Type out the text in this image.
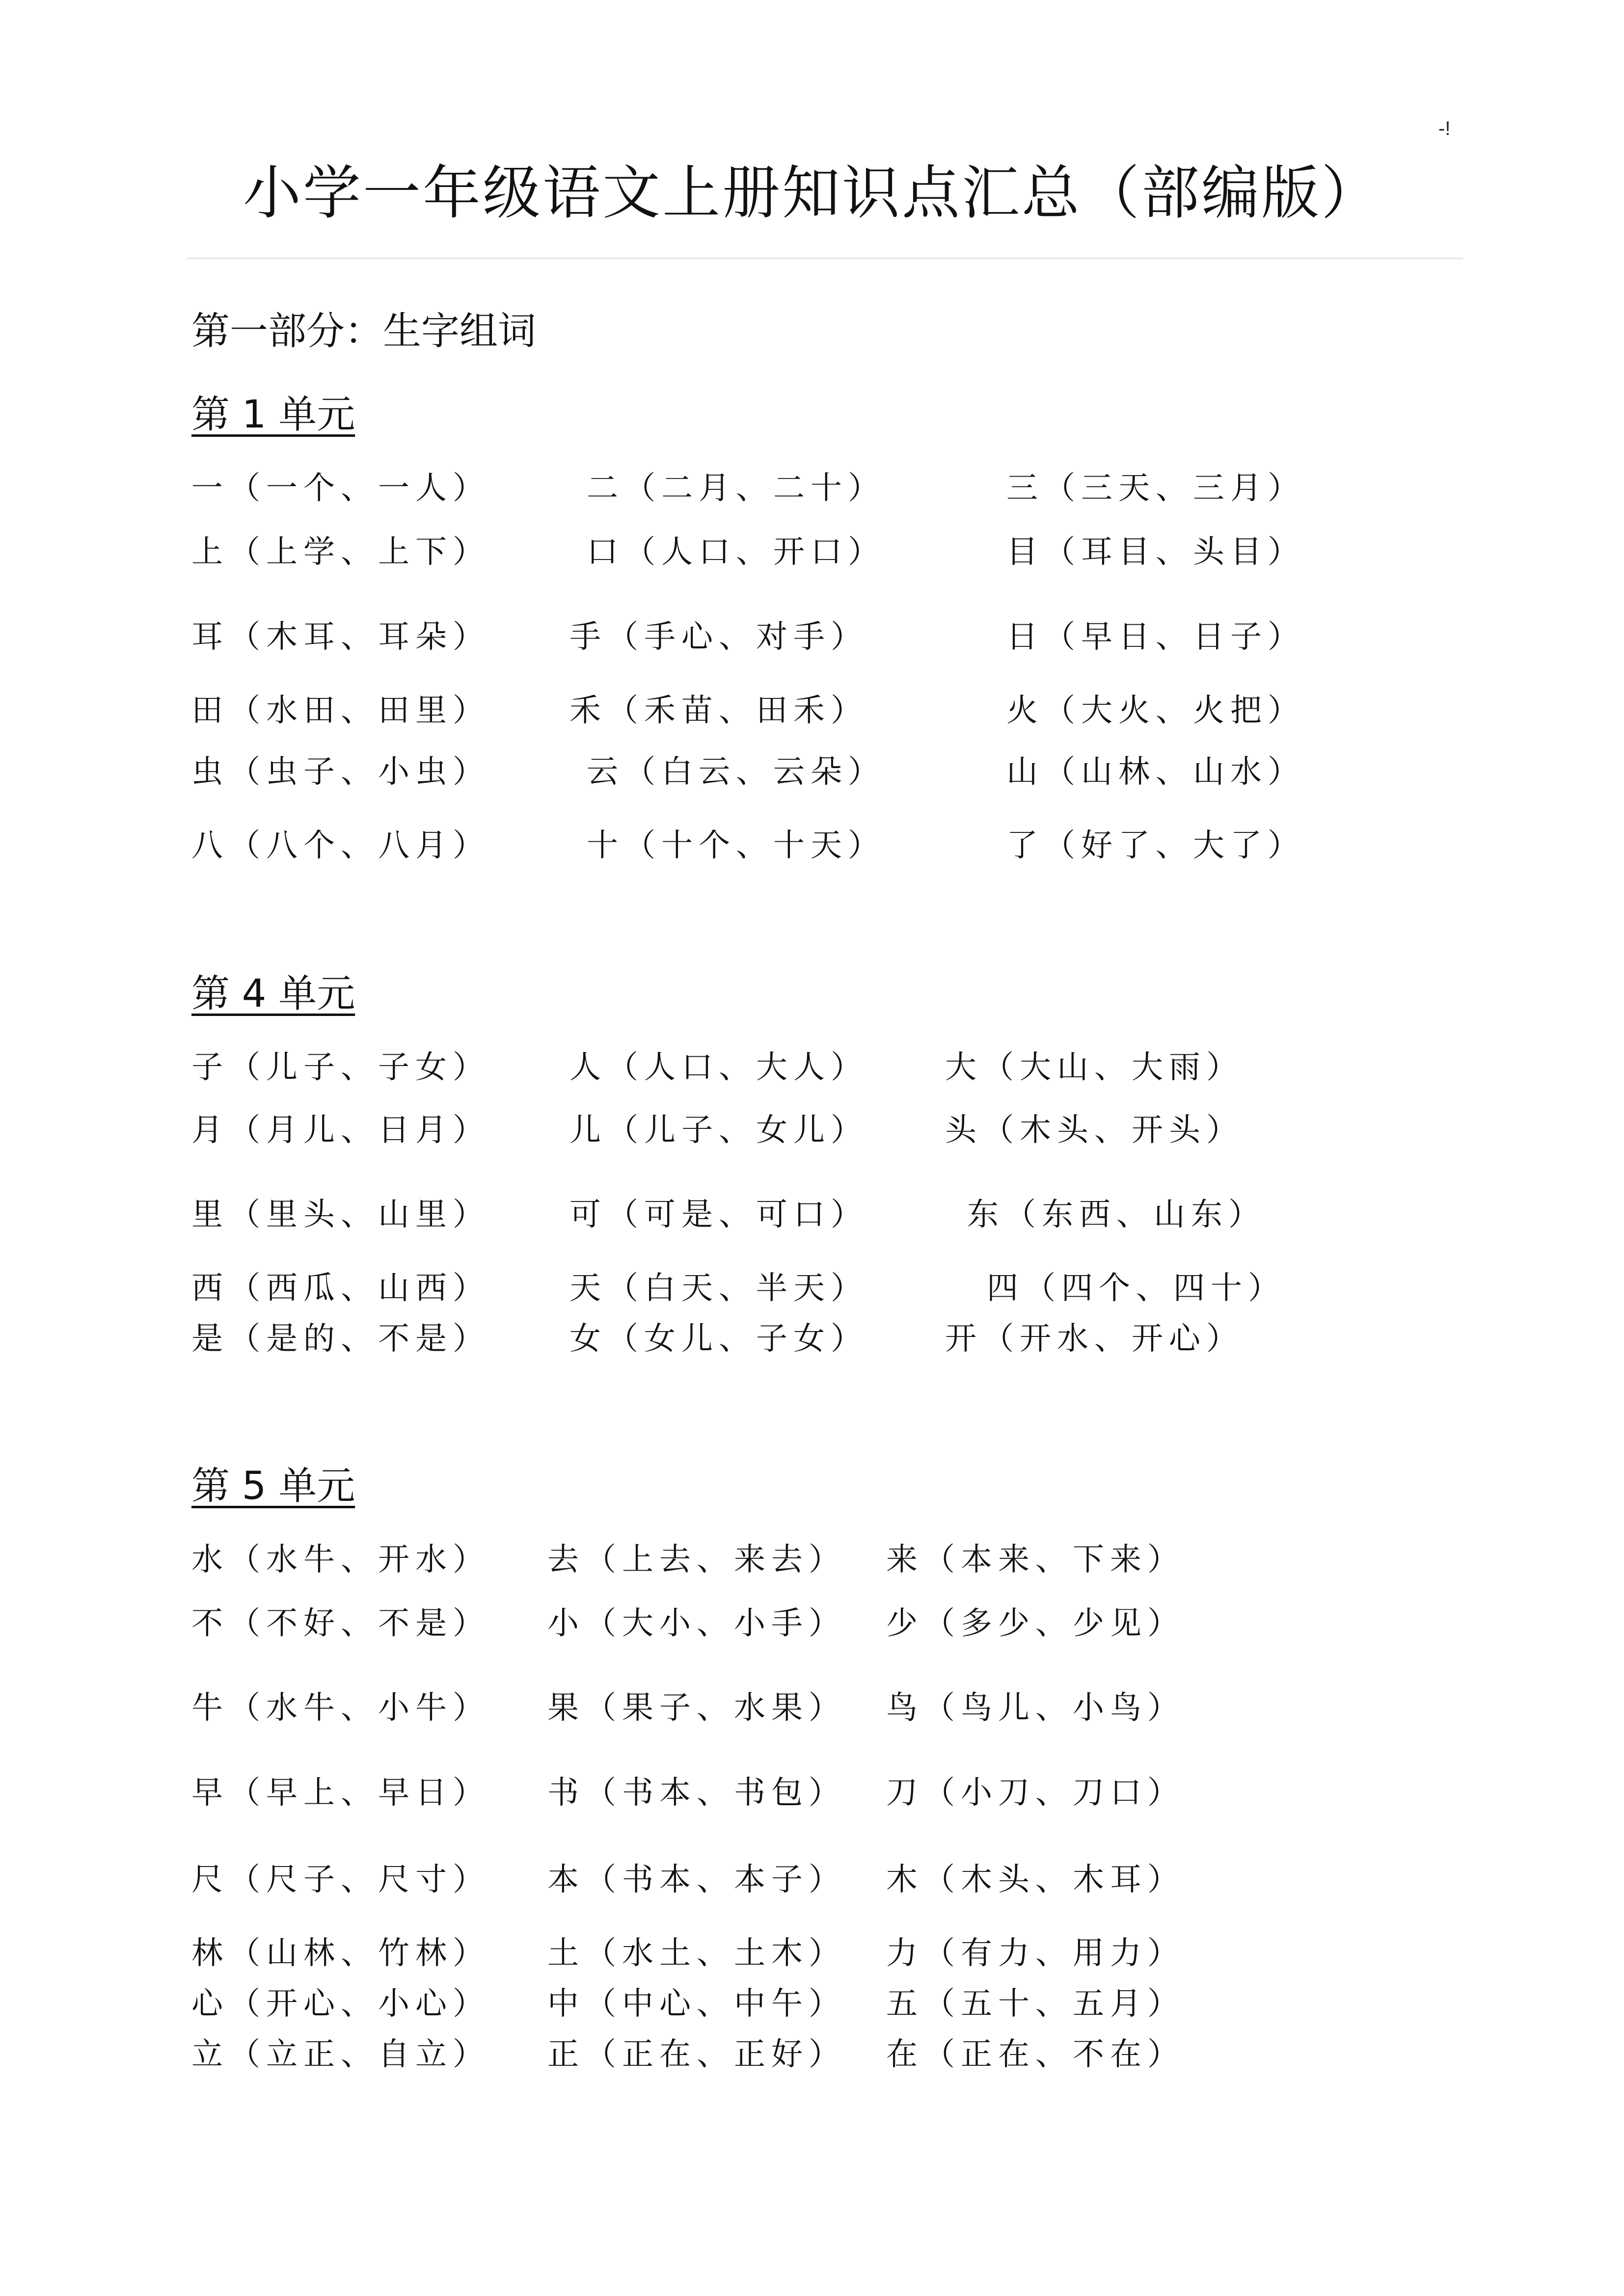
-!
小学一年级语文上册知识点汇总（部编版）
第一部分：生字组词
第 1 单元
一（一个、一人）	二（二月、二十）	三（三天、三月）
上（上学、上下）	口（人口、开口）	目（耳目、头目）
耳（木耳、耳朵）	手（手心、对手）	日（早日、日子）
田（水田、田里）	禾（禾苗、田禾）	火（大火、火把）
虫（虫子、小虫）	云（白云、云朵）	山（山林、山水）
八（八个、八月）	十（十个、十天）	了（好了、大了）
第 4 单元
子（儿子、子女）	人（人口、大人） 大（大山、大雨）
月（月儿、日月）	儿（儿子、女儿） 头（木头、开头）
里（里头、山里）	可（可是、可口）	东（东西、山东）
西（西瓜、山西）	天（白天、半天）	四（四个、四十）
是（是的、不是）	女（女儿、子女） 开（开水、开心）
第 5 单元
水（水牛、开水） 去（上去、来去） 来（本来、下来）
不（不好、不是） 小（大小、小手） 少（多少、少见）
牛（水牛、小牛） 果（果子、水果） 鸟（鸟儿、小鸟）
早（早上、早日） 书（书本、书包） 刀（小刀、刀口）
尺（尺子、尺寸） 本（书本、本子） 木（木头、木耳）
林（山林、竹林） 土（水土、土木） 力（有力、用力）
心（开心、小心） 中（中心、中午） 五（五十、五月）
立（立正、自立） 正（正在、正好） 在（正在、不在）
